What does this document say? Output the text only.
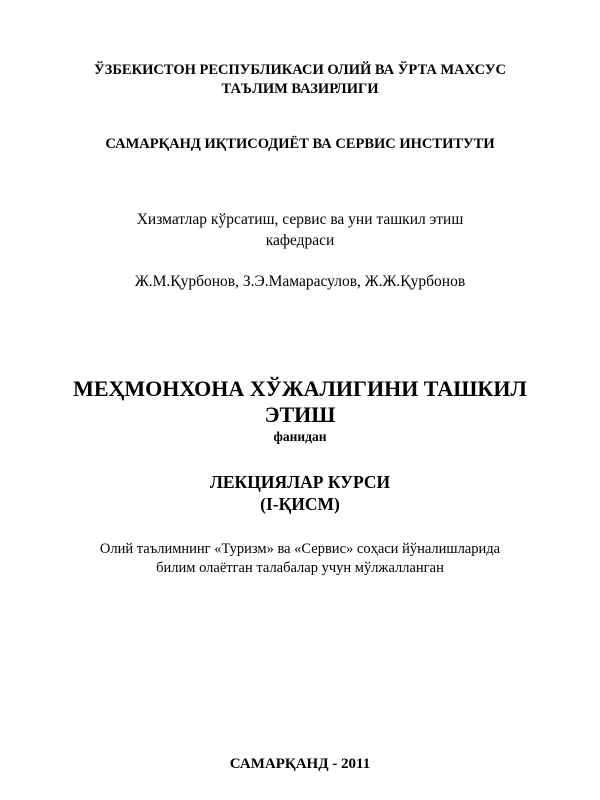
ЎЗБЕКИСТОН РЕСПУБЛИКАСИ ОЛИЙ ВА ЎРТА МАХСУС
ТАЪЛИМ ВАЗИРЛИГИ
САМАРҚАНД ИҚТИСОДИЁТ ВА СЕРВИС ИНСТИТУТИ
Хизматлар кўрсатиш, сервис ва уни ташкил этиш
кафедраси
Ж.М.Қурбонов, З.Э.Мамарасулов, Ж.Ж.Қурбонов
МЕҲМОНХОНА ХЎЖАЛИГИНИ ТАШКИЛ
ЭТИШ
фанидан
ЛЕКЦИЯЛАР КУРСИ
(I-ҚИСМ)
Олий таълимнинг «Туризм» ва «Сервис» соҳаси йўналишларида
билим олаётган талабалар учун мўлжалланган
САМАРҚАНД - 2011
